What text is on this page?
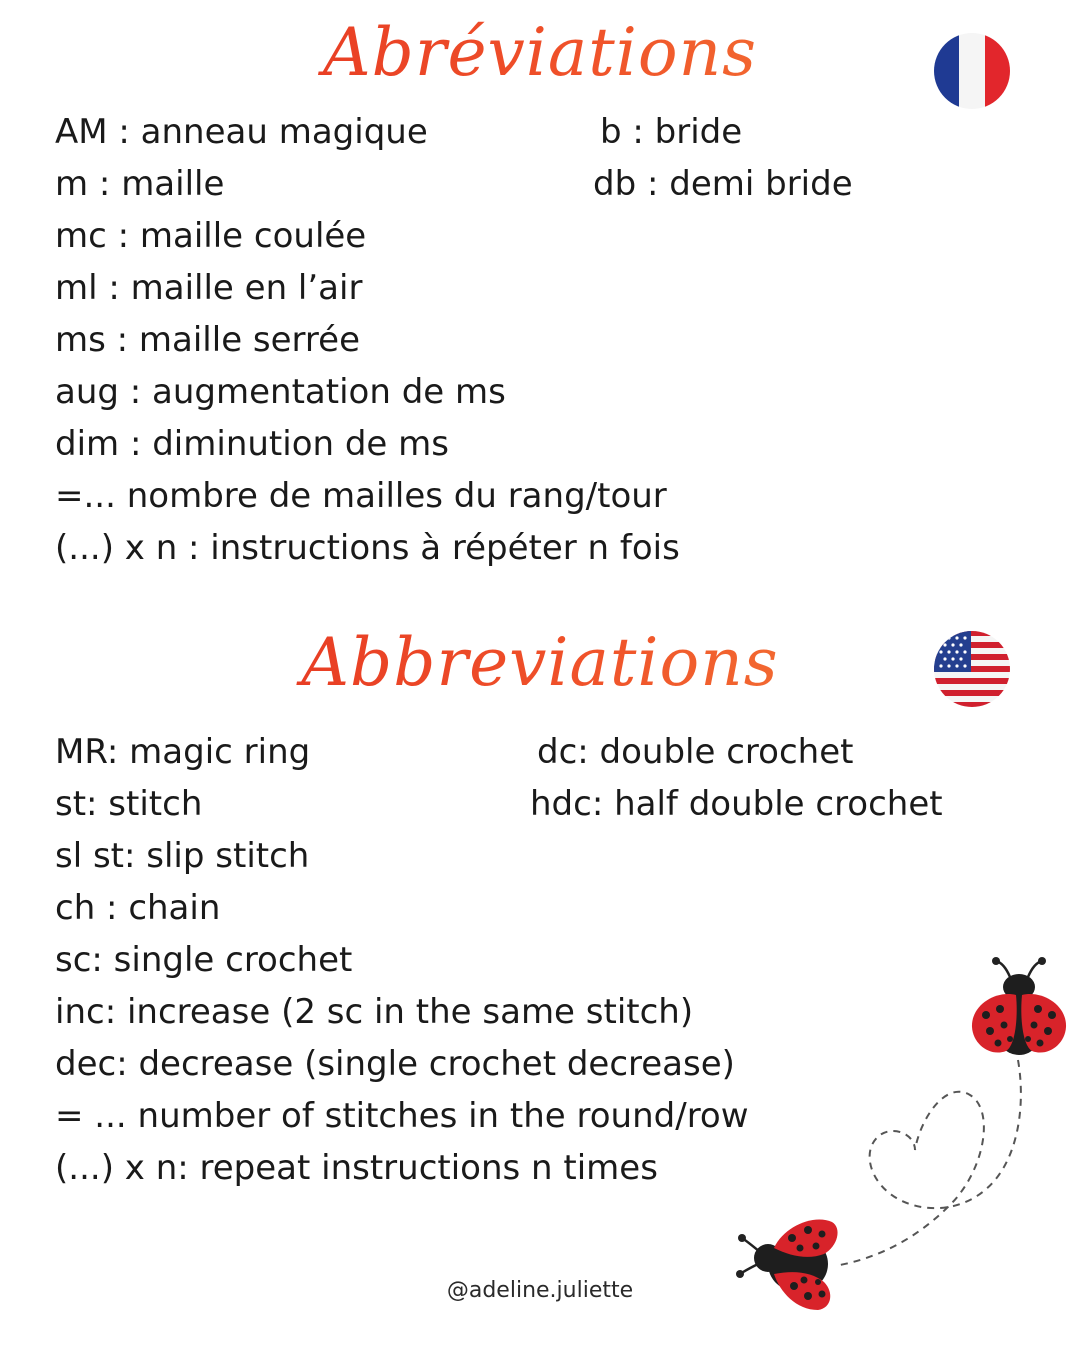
Abréviations
AM : anneau magique
m : maille
mc : maille coulée
ml : maille en l’air
ms : maille serrée
aug : augmentation de ms
dim : diminution de ms
=... nombre de mailles du rang/tour
(...) x n : instructions à répéter n fois
b : bride
db : demi bride
Abbreviations
MR: magic ring
st: stitch
sl st: slip stitch
ch : chain
sc: single crochet
inc: increase (2 sc in the same stitch)
dec: decrease (single crochet decrease)
= ... number of stitches in the round/row
(...) x n: repeat instructions n times
dc: double crochet
hdc: half double crochet
@adeline.juliette
